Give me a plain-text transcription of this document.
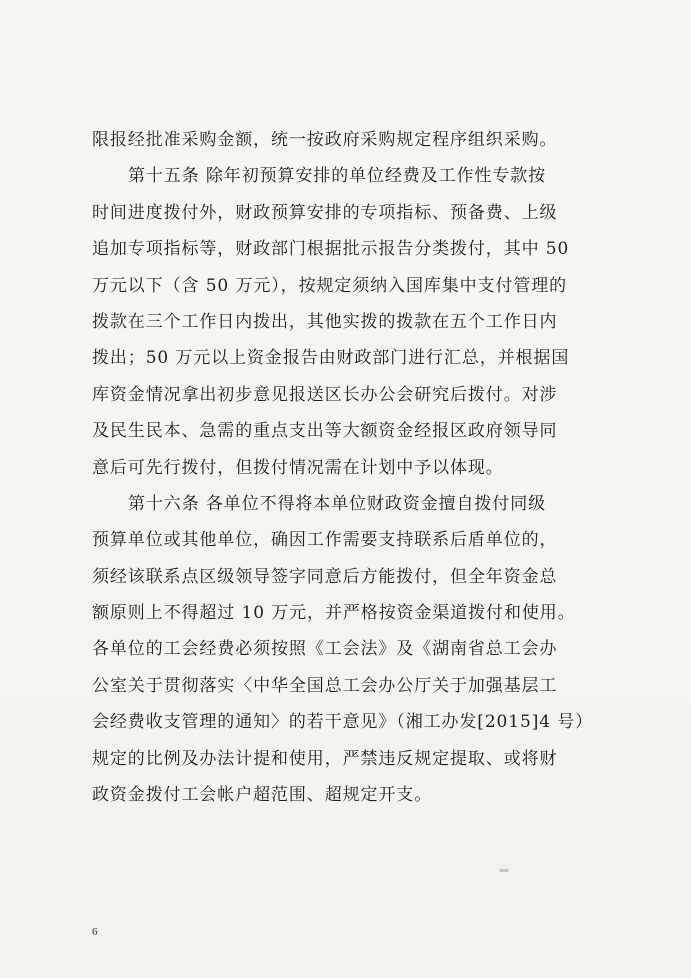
限报经批准采购金额，统一按政府采购规定程序组织采购。
第十五条 除年初预算安排的单位经费及工作性专款按
时间进度拨付外，财政预算安排的专项指标、预备费、上级
追加专项指标等，财政部门根据批示报告分类拨付，其中 50
万元以下（含 50 万元），按规定须纳入国库集中支付管理的
拨款在三个工作日内拨出，其他实拨的拨款在五个工作日内
拨出；50 万元以上资金报告由财政部门进行汇总，并根据国
库资金情况拿出初步意见报送区长办公会研究后拨付。对涉
及民生民本、急需的重点支出等大额资金经报区政府领导同
意后可先行拨付，但拨付情况需在计划中予以体现。
第十六条 各单位不得将本单位财政资金擅自拨付同级
预算单位或其他单位，确因工作需要支持联系后盾单位的，
须经该联系点区级领导签字同意后方能拨付，但全年资金总
额原则上不得超过 10 万元，并严格按资金渠道拨付和使用。
各单位的工会经费必须按照《工会法》及《湖南省总工会办
公室关于贯彻落实〈中华全国总工会办公厅关于加强基层工
会经费收支管理的通知〉的若干意见》（湘工办发[2015]4 号）
规定的比例及办法计提和使用，严禁违反规定提取、或将财
政资金拨付工会帐户超范围、超规定开支。
6
